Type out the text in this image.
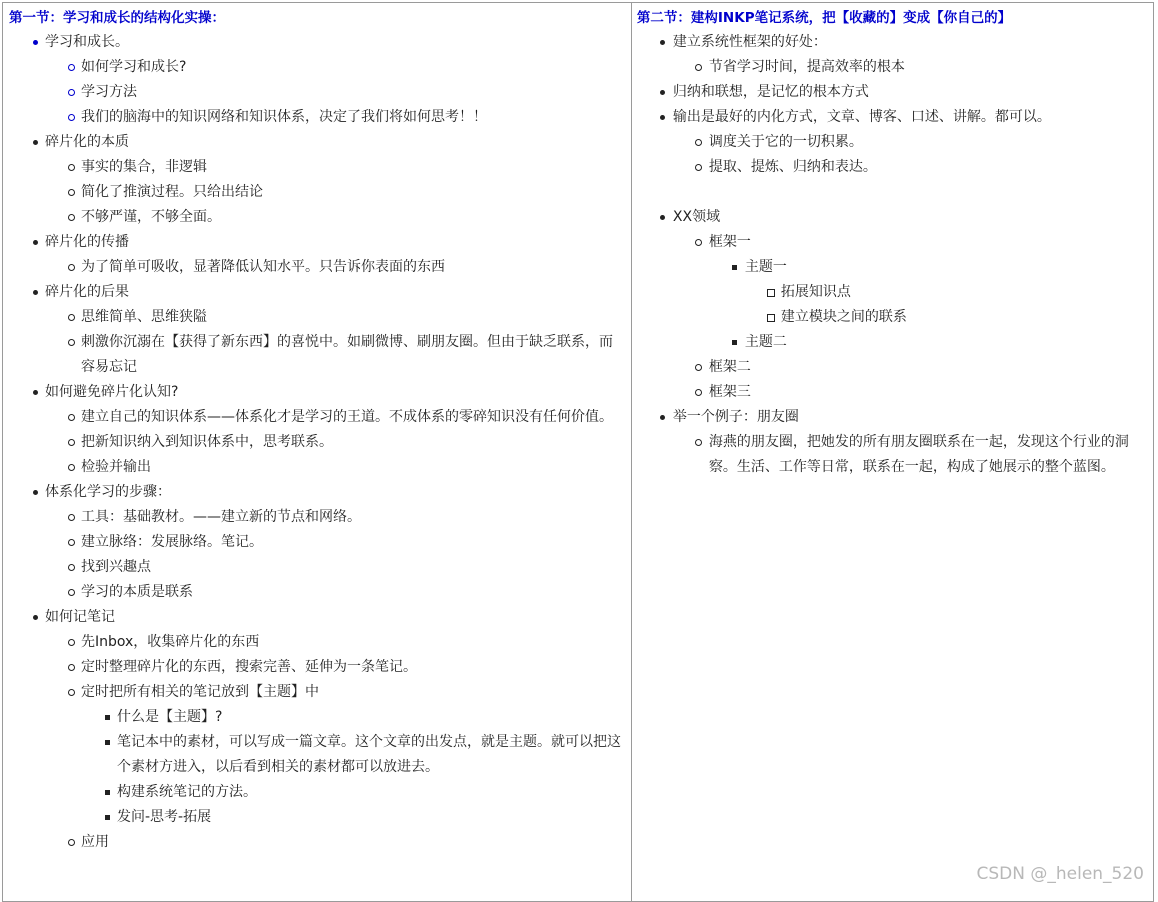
第一节：学习和成长的结构化实操：
学习和成长。
如何学习和成长?
学习方法
我们的脑海中的知识网络和知识体系，决定了我们将如何思考！！
碎片化的本质
事实的集合，非逻辑
简化了推演过程。只给出结论
不够严谨，不够全面。
碎片化的传播
为了简单可吸收，显著降低认知水平。只告诉你表面的东西
碎片化的后果
思维简单、思维狭隘
刺激你沉溺在【获得了新东西】的喜悦中。如刷微博、刷朋友圈。但由于缺乏联系，而容易忘记
如何避免碎片化认知?
建立自己的知识体系——体系化才是学习的王道。不成体系的零碎知识没有任何价值。
把新知识纳入到知识体系中，思考联系。
检验并输出
体系化学习的步骤：
工具：基础教材。——建立新的节点和网络。
建立脉络：发展脉络。笔记。
找到兴趣点
学习的本质是联系
如何记笔记
先Inbox，收集碎片化的东西
定时整理碎片化的东西，搜索完善、延伸为一条笔记。
定时把所有相关的笔记放到【主题】中
什么是【主题】?
笔记本中的素材，可以写成一篇文章。这个文章的出发点，就是主题。就可以把这个素材方进入，以后看到相关的素材都可以放进去。
构建系统笔记的方法。
发问-思考-拓展
应用
第二节：建构INKP笔记系统，把【收藏的】变成【你自己的】
建立系统性框架的好处：
节省学习时间，提高效率的根本
归纳和联想，是记忆的根本方式
输出是最好的内化方式，文章、博客、口述、讲解。都可以。
调度关于它的一切积累。
提取、提炼、归纳和表达。
XX领域
框架一
主题一
拓展知识点
建立模块之间的联系
主题二
框架二
框架三
举一个例子：朋友圈
海燕的朋友圈，把她发的所有朋友圈联系在一起，发现这个行业的洞察。生活、工作等日常，联系在一起，构成了她展示的整个蓝图。
CSDN @_helen_520
